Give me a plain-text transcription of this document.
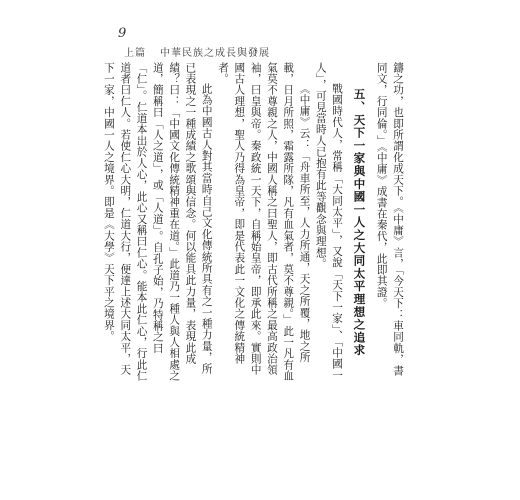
9
上篇 中華民族之成長與發展

鑄之功，也即所謂化成天下。《中庸》言，「今天下：車同軌，書同文，行同倫。」《中庸》成書在秦代，此即其證。

五、天下一家與中國一人之大同太平理想之追求

戰國時代人，常稱「大同太平」，又說「天下一家」、「中國一人」，可見當時人已抱有此等觀念與理想。

《中庸》云：「舟車所至，人力所通，天之所覆，地之所載，日月所照，霜露所隊，凡有血氣者，莫不尊親。」此一凡有血氣莫不尊親之人，中國人稱之曰聖人，即古代所稱之最高政治領袖，曰皇與帝。秦政統一天下，自稱始皇帝，即承此來。實則中國古人理想，聖人乃得為皇帝，即是代表此一文化之傳統精神者。

此為中國古人對其當時自己文化傳統所具有之一種力量，所已表現之一種成績之歌頌與信念。何以能具此力量，表現此成績？曰：「中國文化傳統精神重在道。」此道乃一種人與人相處之道，簡稱曰「人之道」，或「人道」。自孔子始，乃特稱之曰「仁」。仁道本出於人心，此心又稱曰仁心。能本此仁心，行此仁道者曰仁人。若使仁心大明，仁道大行，便達上述大同太平，天下一家，中國一人之境界。即是《大學》天下平之境界。
